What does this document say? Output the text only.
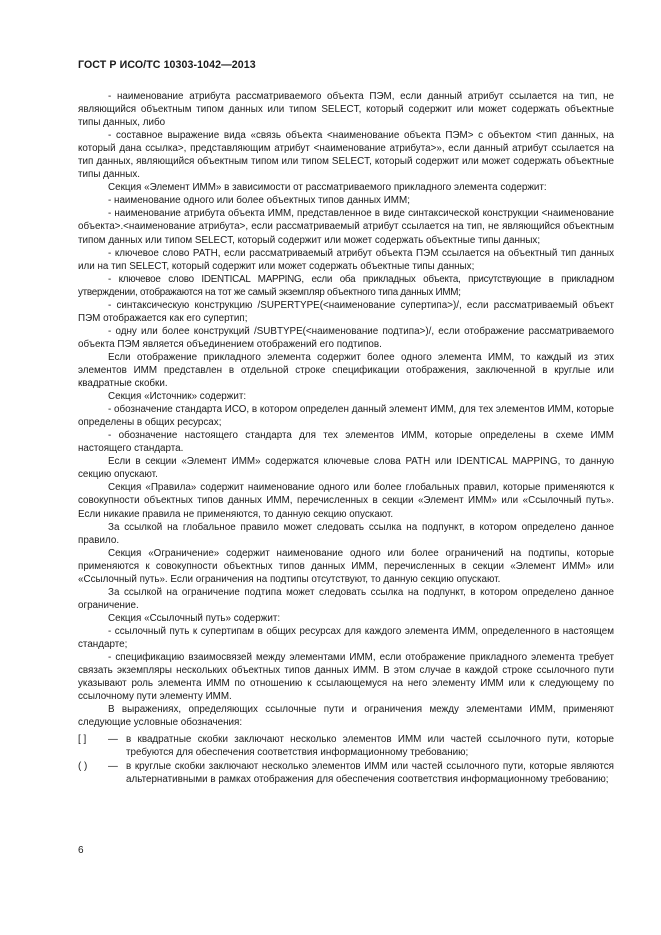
ГОСТ Р ИСО/ТС 10303-1042—2013

- наименование атрибута рассматриваемого объекта ПЭМ, если данный атрибут ссылается на тип, не являющийся объектным типом данных или типом SELECT, который содержит или может содержать объектные типы данных, либо

- составное выражение вида «связь объекта <наименование объекта ПЭМ> с объектом <тип данных, на который дана ссылка>, представляющим атрибут <наименование атрибута>», если данный атрибут ссылается на тип данных, являющийся объектным типом или типом SELECT, который содержит или может содержать объектные типы данных.

Секция «Элемент ИММ» в зависимости от рассматриваемого прикладного элемента содержит:

- наименование одного или более объектных типов данных ИММ;

- наименование атрибута объекта ИММ, представленное в виде синтаксической конструкции <наименование объекта>.<наименование атрибута>, если рассматриваемый атрибут ссылается на тип, не являющийся объектным типом данных или типом SELECT, который содержит или может содержать объектные типы данных;

- ключевое слово PATH, если рассматриваемый атрибут объекта ПЭМ ссылается на объектный тип данных или на тип SELECT, который содержит или может содержать объектные типы данных;

- ключевое слово IDENTICAL MAPPING, если оба прикладных объекта, присутствующие в прикладном утверждении, отображаются на тот же самый экземпляр объектного типа данных ИММ;

- синтаксическую конструкцию /SUPERTYPE(<наименование супертипа>)/, если рассматриваемый объект ПЭМ отображается как его супертип;

- одну или более конструкций /SUBTYPE(<наименование подтипа>)/, если отображение рассматриваемого объекта ПЭМ является объединением отображений его подтипов.

Если отображение прикладного элемента содержит более одного элемента ИММ, то каждый из этих элементов ИММ представлен в отдельной строке спецификации отображения, заключенной в круглые или квадратные скобки.

Секция «Источник» содержит:

- обозначение стандарта ИСО, в котором определен данный элемент ИММ, для тех элементов ИММ, которые определены в общих ресурсах;

- обозначение настоящего стандарта для тех элементов ИММ, которые определены в схеме ИММ настоящего стандарта.

Если в секции «Элемент ИММ» содержатся ключевые слова PATH или IDENTICAL MAPPING, то данную секцию опускают.

Секция «Правила» содержит наименование одного или более глобальных правил, которые применяются к совокупности объектных типов данных ИММ, перечисленных в секции «Элемент ИММ» или «Ссылочный путь». Если никакие правила не применяются, то данную секцию опускают.

За ссылкой на глобальное правило может следовать ссылка на подпункт, в котором определено данное правило.

Секция «Ограничение» содержит наименование одного или более ограничений на подтипы, которые применяются к совокупности объектных типов данных ИММ, перечисленных в секции «Элемент ИММ» или «Ссылочный путь». Если ограничения на подтипы отсутствуют, то данную секцию опускают.

За ссылкой на ограничение подтипа может следовать ссылка на подпункт, в котором определено данное ограничение.

Секция «Ссылочный путь» содержит:

- ссылочный путь к супертипам в общих ресурсах для каждого элемента ИММ, определенного в настоящем стандарте;

- спецификацию взаимосвязей между элементами ИММ, если отображение прикладного элемента требует связать экземпляры нескольких объектных типов данных ИММ. В этом случае в каждой строке ссылочного пути указывают роль элемента ИММ по отношению к ссылающемуся на него элементу ИММ или к следующему по ссылочному пути элементу ИММ.

В выражениях, определяющих ссылочные пути и ограничения между элементами ИММ, применяют следующие условные обозначения:

[ ]	— в квадратные скобки заключают несколько элементов ИММ или частей ссылочного пути, которые требуются для обеспечения соответствия информационному требованию;
( )	— в круглые скобки заключают несколько элементов ИММ или частей ссылочного пути, которые являются альтернативными в рамках отображения для обеспечения соответствия информационному требованию;
6
